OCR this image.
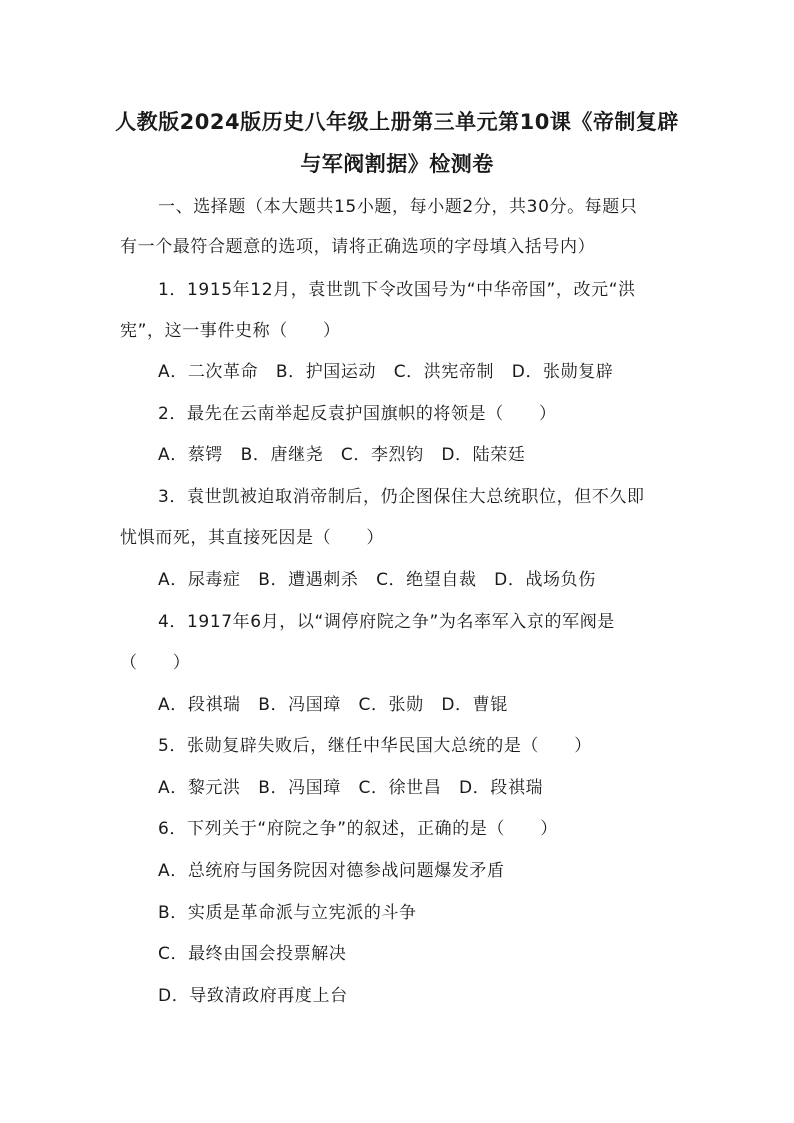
人教版2024版历史八年级上册第三单元第10课《帝制复辟
与军阀割据》检测卷
一、选择题（本大题共15小题，每小题2分，共30分。每题只
有一个最符合题意的选项，请将正确选项的字母填入括号内）
1．1915年12月，袁世凯下令改国号为“中华帝国”，改元“洪
宪”，这一事件史称（　　）
A．二次革命　B．护国运动　C．洪宪帝制　D．张勋复辟
2．最先在云南举起反袁护国旗帜的将领是（　　）
A．蔡锷　B．唐继尧　C．李烈钧　D．陆荣廷
3．袁世凯被迫取消帝制后，仍企图保住大总统职位，但不久即
忧惧而死，其直接死因是（　　）
A．尿毒症　B．遭遇刺杀　C．绝望自裁　D．战场负伤
4．1917年6月，以“调停府院之争”为名率军入京的军阀是
（　　）
A．段祺瑞　B．冯国璋　C．张勋　D．曹锟
5．张勋复辟失败后，继任中华民国大总统的是（　　）
A．黎元洪　B．冯国璋　C．徐世昌　D．段祺瑞
6．下列关于“府院之争”的叙述，正确的是（　　）
A．总统府与国务院因对德参战问题爆发矛盾
B．实质是革命派与立宪派的斗争
C．最终由国会投票解决
D．导致清政府再度上台
